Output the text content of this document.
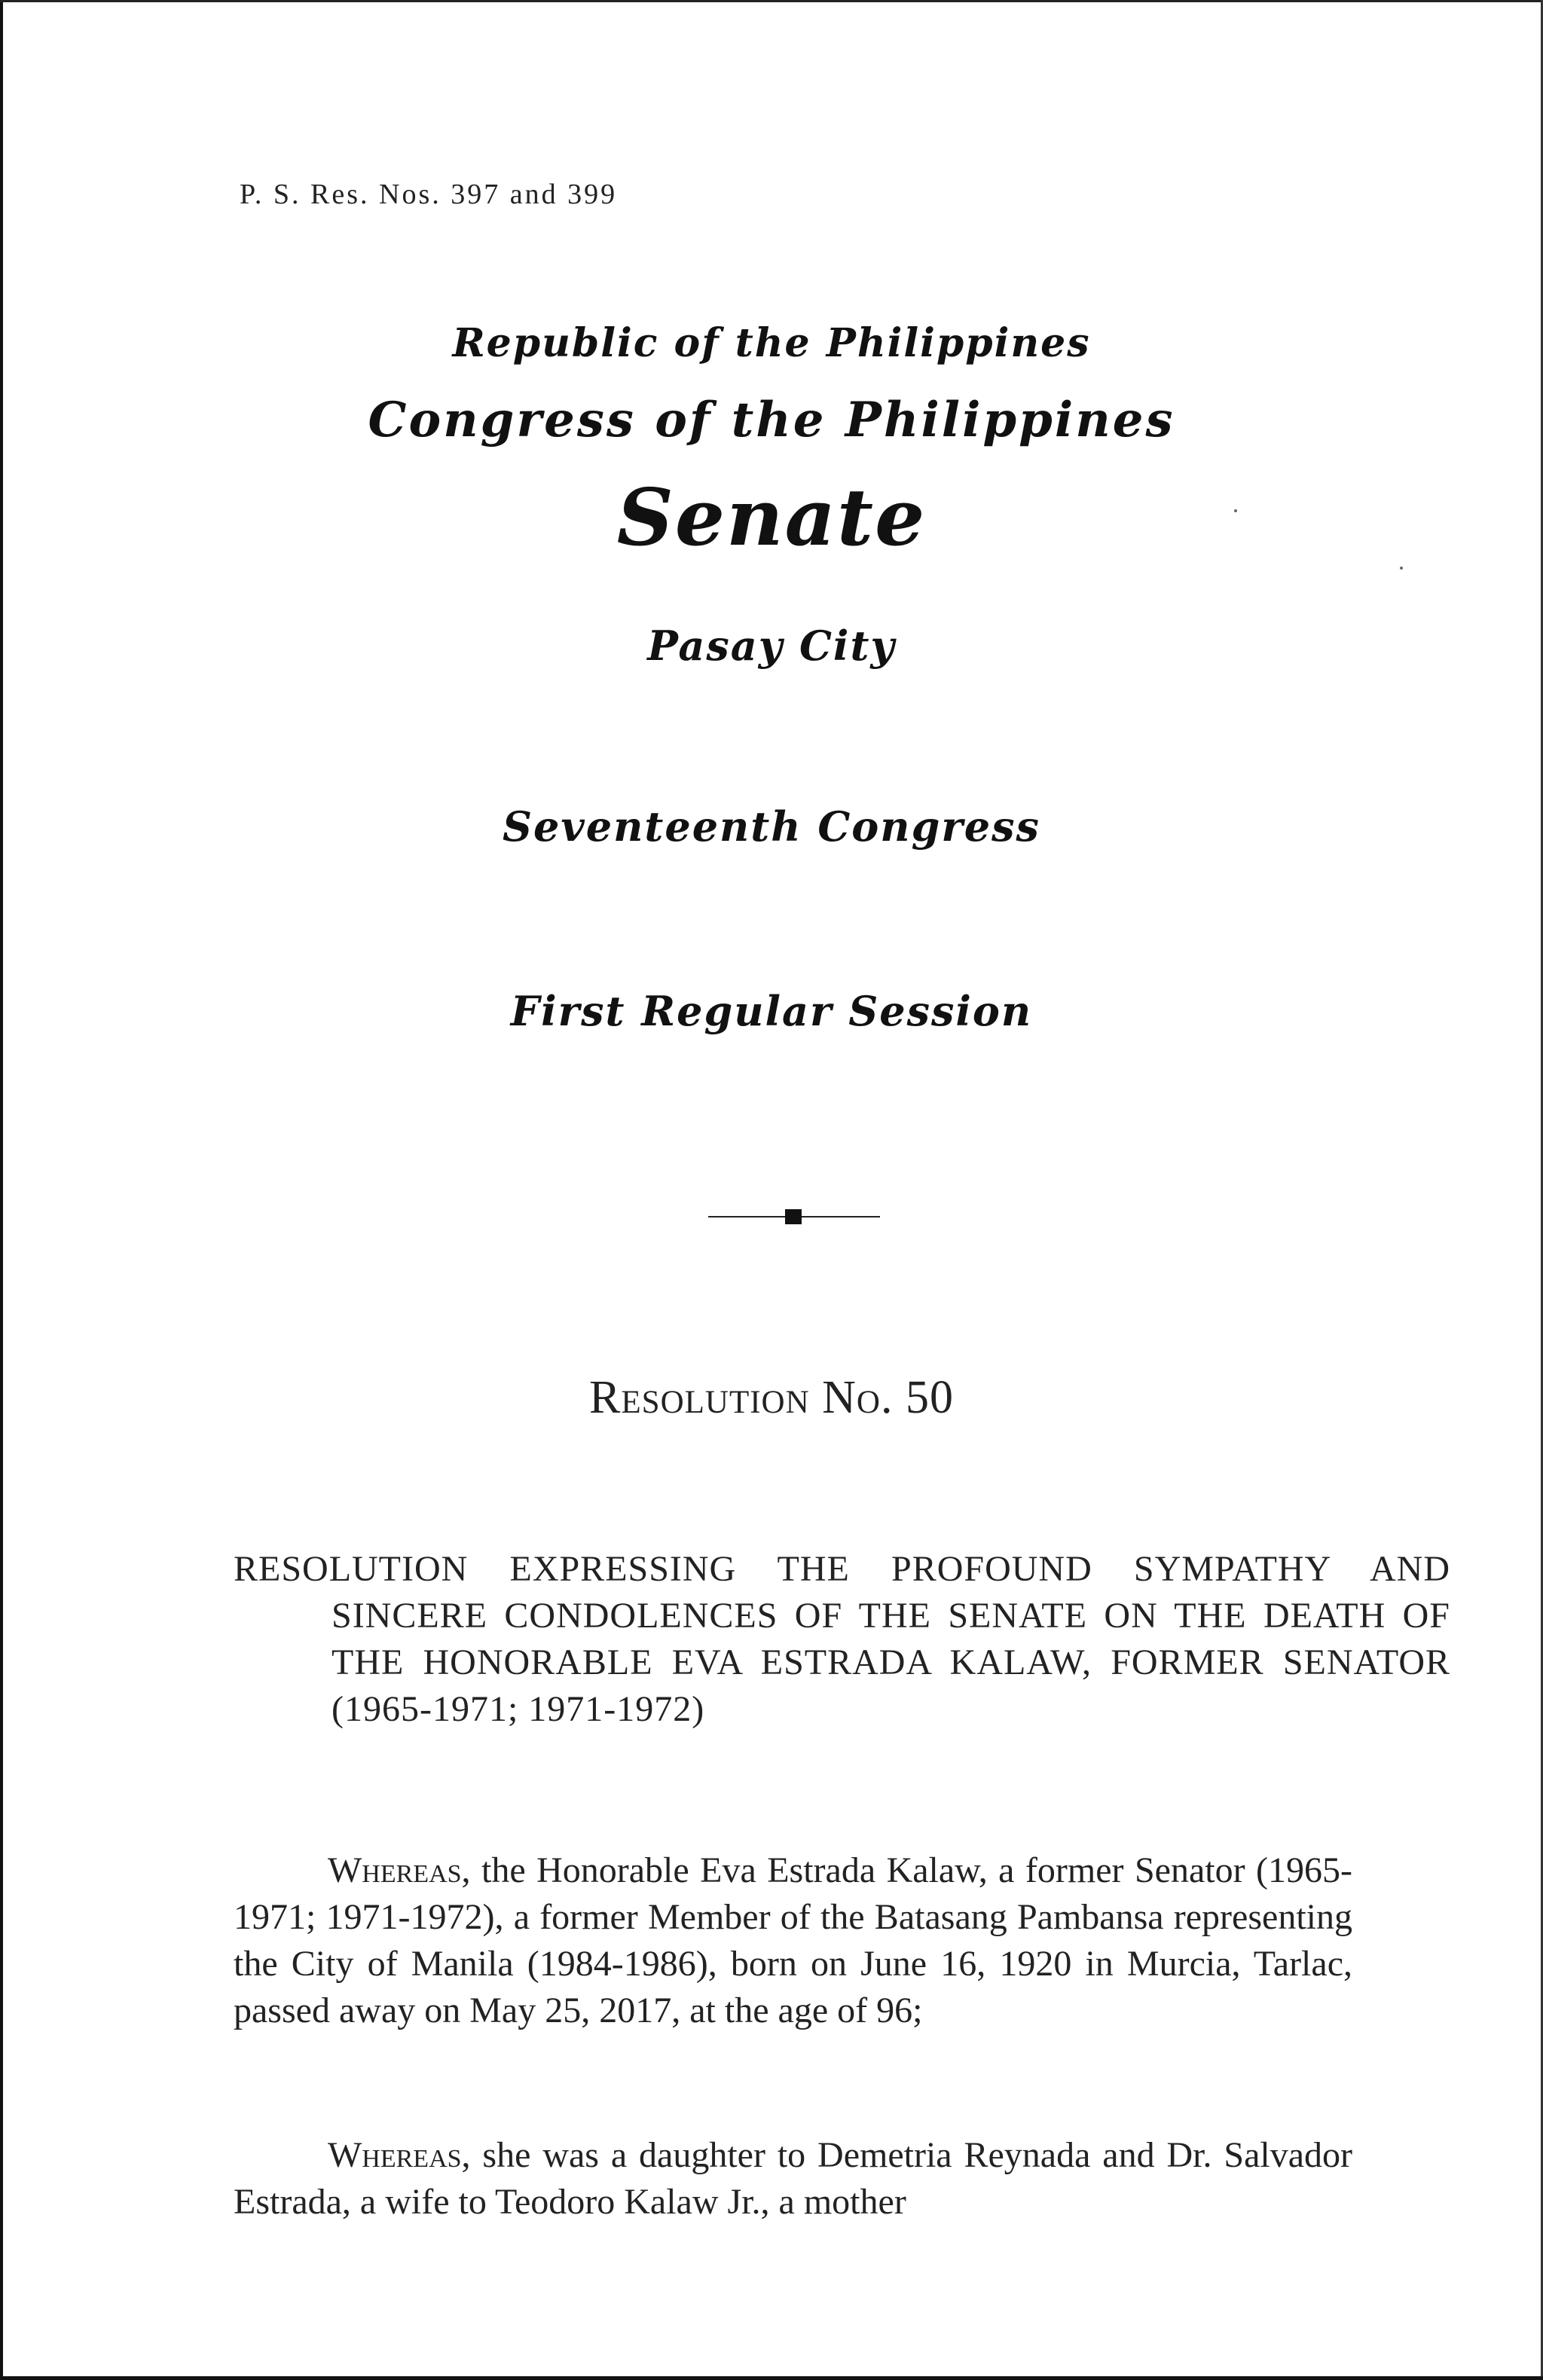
P. S. Res. Nos. 397 and 399
Republic of the Philippines
Congress of the Philippines
Senate
Pasay City
Seventeenth Congress
First Regular Session
Resolution No. 50
RESOLUTION EXPRESSING THE PROFOUND SYMPATHY AND SINCERE CONDOLENCES OF THE SENATE ON THE DEATH OF THE HONORABLE EVA ESTRADA KALAW, FORMER SENATOR (1965-1971; 1971-1972)
Whereas, the Honorable Eva Estrada Kalaw, a former Senator (1965-1971; 1971-1972), a former Member of the Batasang Pambansa representing the City of Manila (1984-1986), born on June 16, 1920 in Murcia, Tarlac, passed away on May 25, 2017, at the age of 96;
Whereas, she was a daughter to Demetria Reynada and Dr. Salvador Estrada, a wife to Teodoro Kalaw Jr., a mother
